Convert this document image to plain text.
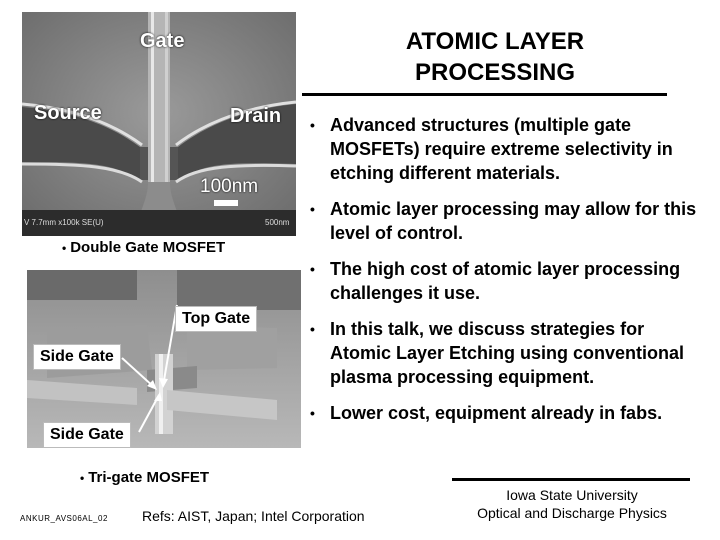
ATOMIC LAYER
PROCESSING
• Advanced structures (multiple gate MOSFETs) require extreme selectivity in etching different materials.
• Atomic layer processing may allow for this level of control.
• The high cost of atomic layer processing challenges it use.
• In this talk, we discuss strategies for Atomic Layer Etching using conventional plasma processing equipment.
• Lower cost, equipment already in fabs.
Gate
Source	Drain
100nm
V 7.7mm x100k SE(U)	500nm
• Double Gate MOSFET
Top Gate
Side Gate
Side Gate
• Tri-gate MOSFET
ANKUR_AVS06AL_02 Refs: AIST, Japan; Intel Corporation
Iowa State University
Optical and Discharge Physics
